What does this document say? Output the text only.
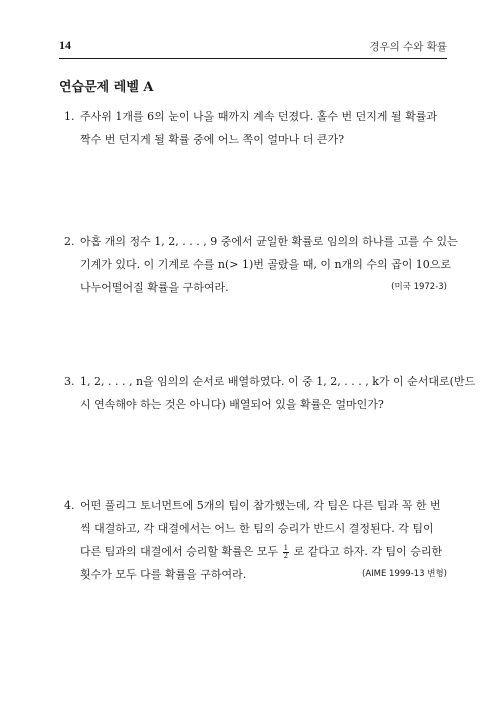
14	경우의 수와 확률
연습문제 레벨 A
1. 주사위 1개를 6의 눈이 나올 때까지 계속 던졌다. 홀수 번 던지게 될 확률과
짝수 번 던지게 될 확률 중에 어느 쪽이 얼마나 더 큰가?
2. 아홉 개의 정수 1, 2, . . . , 9 중에서 균일한 확률로 임의의 하나를 고를 수 있는
기계가 있다. 이 기계로 수를 n(> 1)번 골랐을 때, 이 n개의 수의 곱이 10으로
나누어떨어질 확률을 구하여라.	(미국 1972-3)
3. 1, 2, . . . , n을 임의의 순서로 배열하였다. 이 중 1, 2, . . . , k가 이 순서대로(반드
시 연속해야 하는 것은 아니다) 배열되어 있을 확률은 얼마인가?
4. 어떤 풀리그 토너먼트에 5개의 팀이 참가했는데, 각 팀은 다른 팀과 꼭 한 번
씩 대결하고, 각 대결에서는 어느 한 팀의 승리가 반드시 결정된다. 각 팀이
다른 팀과의 대결에서 승리할 확률은 모두 $\frac{1}{2}$ 로 같다고 하자. 각 팀이 승리한
횟수가 모두 다를 확률을 구하여라.	(AIME 1999-13 변형)
